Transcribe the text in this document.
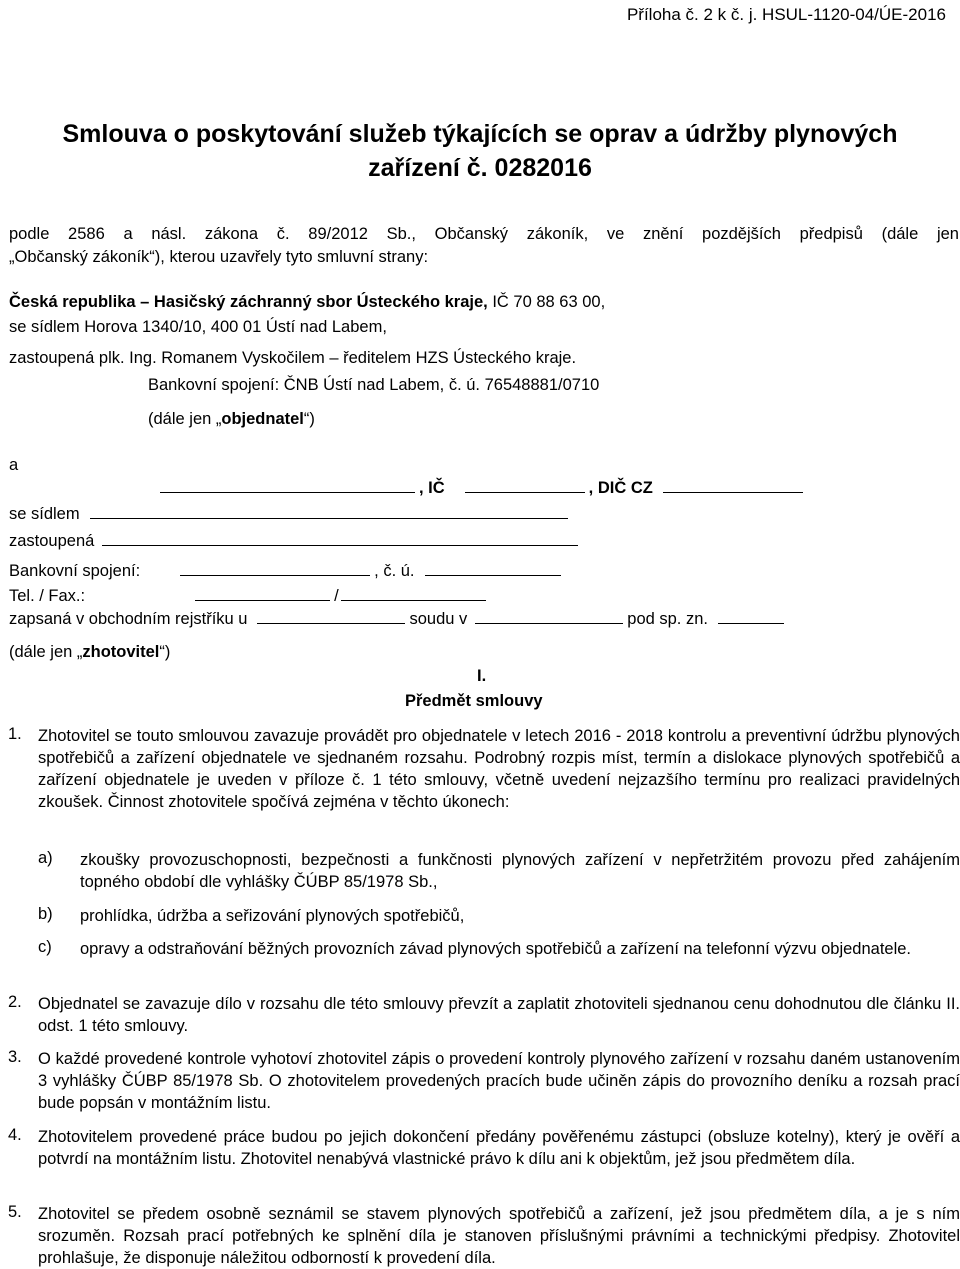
Příloha č. 2 k č. j. HSUL-1120-04/ÚE-2016
Smlouva o poskytování služeb týkajících se oprav a údržby plynových
zařízení č. 0282016
podle 2586 a násl. zákona č. 89/2012 Sb., Občanský zákoník, ve znění pozdějších předpisů (dále jen
„Občanský zákoník“), kterou uzavřely tyto smluvní strany:
Česká republika – Hasičský záchranný sbor Ústeckého kraje, IČ 70 88 63 00,
se sídlem Horova 1340/10, 400 01 Ústí nad Labem,
zastoupená plk. Ing. Romanem Vyskočilem – ředitelem HZS Ústeckého kraje.
Bankovní spojení: ČNB Ústí nad Labem, č. ú. 76548881/0710
(dále jen „objednatel“)
a
, IČ	, DIČ CZ
se sídlem
zastoupená
Bankovní spojení:	, č. ú.
Tel. / Fax.:	/
zapsaná v obchodním rejstříku u	soudu v	pod sp. zn.
(dále jen „zhotovitel“)
I.
Předmět smlouvy
1. Zhotovitel se touto smlouvou zavazuje provádět pro objednatele v letech 2016 - 2018 kontrolu a preventivní údržbu plynových spotřebičů a zařízení objednatele ve sjednaném rozsahu. Podrobný rozpis míst, termín a dislokace plynových spotřebičů a zařízení objednatele je uveden v příloze č. 1 této smlouvy, včetně uvedení nejzazšího termínu pro realizaci pravidelných zkoušek. Činnost zhotovitele spočívá zejména v těchto úkonech:
a) zkoušky provozuschopnosti, bezpečnosti a funkčnosti plynových zařízení v nepřetržitém provozu před zahájením topného období dle vyhlášky ČÚBP 85/1978 Sb.,
b) prohlídka, údržba a seřizování plynových spotřebičů,
c) opravy a odstraňování běžných provozních závad plynových spotřebičů a zařízení na telefonní výzvu objednatele.
2. Objednatel se zavazuje dílo v rozsahu dle této smlouvy převzít a zaplatit zhotoviteli sjednanou cenu dohodnutou dle článku II. odst. 1 této smlouvy.
3. O každé provedené kontrole vyhotoví zhotovitel zápis o provedení kontroly plynového zařízení v rozsahu daném ustanovením 3 vyhlášky ČÚBP 85/1978 Sb. O zhotovitelem provedených pracích bude učiněn zápis do provozního deníku a rozsah prací bude popsán v montážním listu.
4. Zhotovitelem provedené práce budou po jejich dokončení předány pověřenému zástupci (obsluze kotelny), který je ověří a potvrdí na montážním listu. Zhotovitel nenabývá vlastnické právo k dílu ani k objektům, jež jsou předmětem díla.
5. Zhotovitel se předem osobně seznámil se stavem plynových spotřebičů a zařízení, jež jsou předmětem díla, a je s ním srozuměn. Rozsah prací potřebných ke splnění díla je stanoven příslušnými právními a technickými předpisy. Zhotovitel prohlašuje, že disponuje náležitou odborností k provedení díla.
